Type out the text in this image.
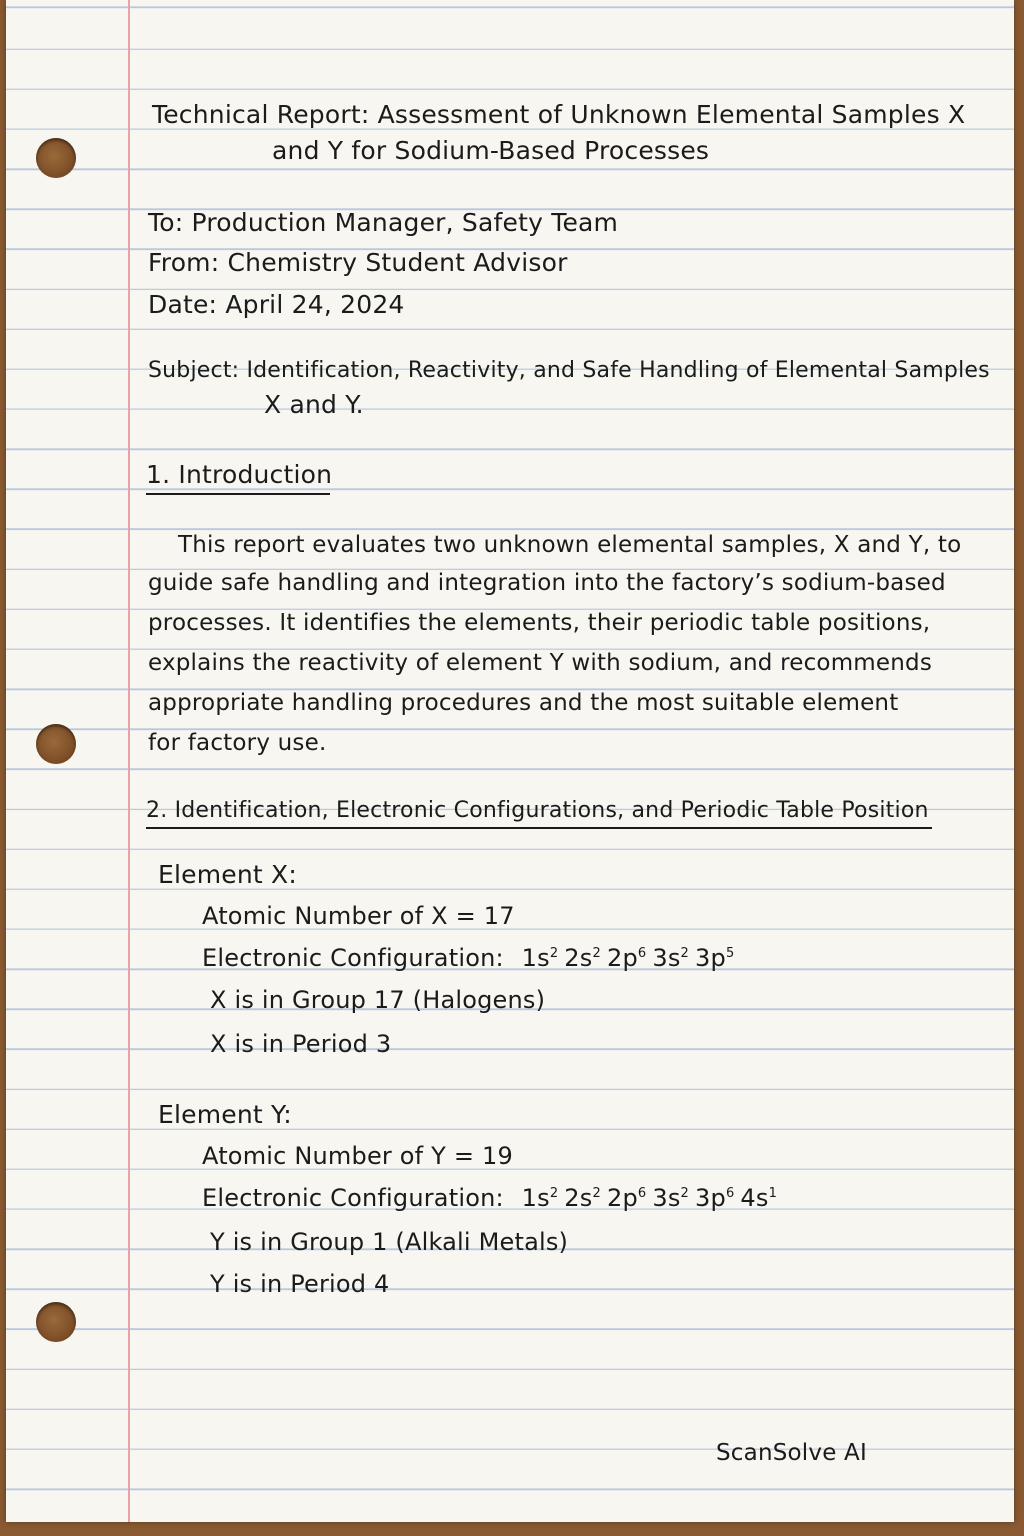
Technical Report: Assessment of Unknown Elemental Samples X
and Y for Sodium-Based Processes
To: Production Manager, Safety Team
From: Chemistry Student Advisor
Date: April 24, 2024
Subject: Identification, Reactivity, and Safe Handling of Elemental Samples
X and Y.
1. Introduction
This report evaluates two unknown elemental samples, X and Y, to
guide safe handling and integration into the factory’s sodium-based
processes. It identifies the elements, their periodic table positions,
explains the reactivity of element Y with sodium, and recommends
appropriate handling procedures and the most suitable element
for factory use.
2. Identification, Electronic Configurations, and Periodic Table Position
Element X:
Atomic Number of X = 17
Electronic Configuration: $1s^2$ $2s^2$ $2p^6$ $3s^2$ $3p^5$
X is in Group 17 (Halogens)
X is in Period 3
Element Y:
Atomic Number of Y = 19
Electronic Configuration: $1s^2$ $2s^2$ $2p^6$ $3s^2$ $3p^6$ $4s^1$
Y is in Group 1 (Alkali Metals)
Y is in Period 4
ScanSolve AI
